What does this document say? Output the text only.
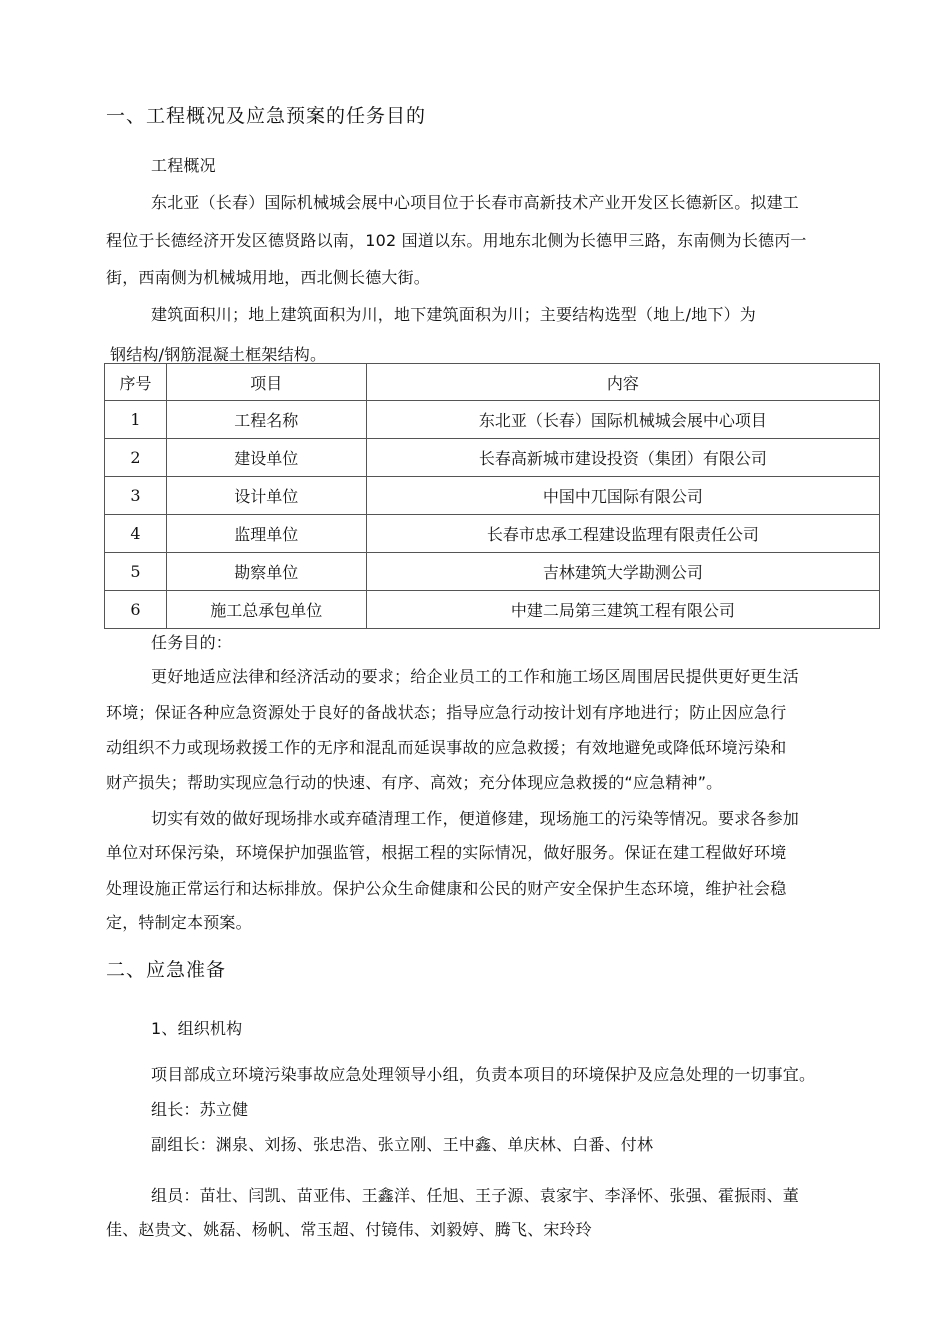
一、工程概况及应急预案的任务目的
工程概况
东北亚（长春）国际机械城会展中心项目位于长春市高新技术产业开发区长德新区。拟建工
程位于长德经济开发区德贤路以南，102 国道以东。用地东北侧为长德甲三路，东南侧为长德丙一
街，西南侧为机械城用地，西北侧长德大街。
建筑面积川；地上建筑面积为川，地下建筑面积为川；主要结构选型（地上/地下）为
钢结构/钢筋混凝土框架结构。
序号	项目	内容
1	工程名称	东北亚（长春）国际机械城会展中心项目
2	建设单位	长春高新城市建设投资（集团）有限公司
3	设计单位	中国中兀国际有限公司
4	监理单位	长春市忠承工程建设监理有限责任公司
5	勘察单位	吉林建筑大学勘测公司
6	施工总承包单位	中建二局第三建筑工程有限公司
任务目的：
更好地适应法律和经济活动的要求；给企业员工的工作和施工场区周围居民提供更好更生活
环境；保证各种应急资源处于良好的备战状态；指导应急行动按计划有序地进行；防止因应急行
动组织不力或现场救援工作的无序和混乱而延误事故的应急救援；有效地避免或降低环境污染和
财产损失；帮助实现应急行动的快速、有序、高效；充分体现应急救援的“应急精神”。
切实有效的做好现场排水或弃碴清理工作，便道修建，现场施工的污染等情况。要求各参加
单位对环保污染，环境保护加强监管，根据工程的实际情况，做好服务。保证在建工程做好环境
处理设施正常运行和达标排放。保护公众生命健康和公民的财产安全保护生态环境，维护社会稳
定，特制定本预案。
二、应急准备
1、组织机构
项目部成立环境污染事故应急处理领导小组，负责本项目的环境保护及应急处理的一切事宜。
组长：苏立健
副组长：渊泉、刘扬、张忠浩、张立刚、王中鑫、单庆林、白番、付林
组员：苗壮、闫凯、苗亚伟、王鑫洋、任旭、王子源、袁家宇、李泽怀、张强、霍振雨、董
佳、赵贵文、姚磊、杨帆、常玉超、付镜伟、刘毅婷、腾飞、宋玲玲
